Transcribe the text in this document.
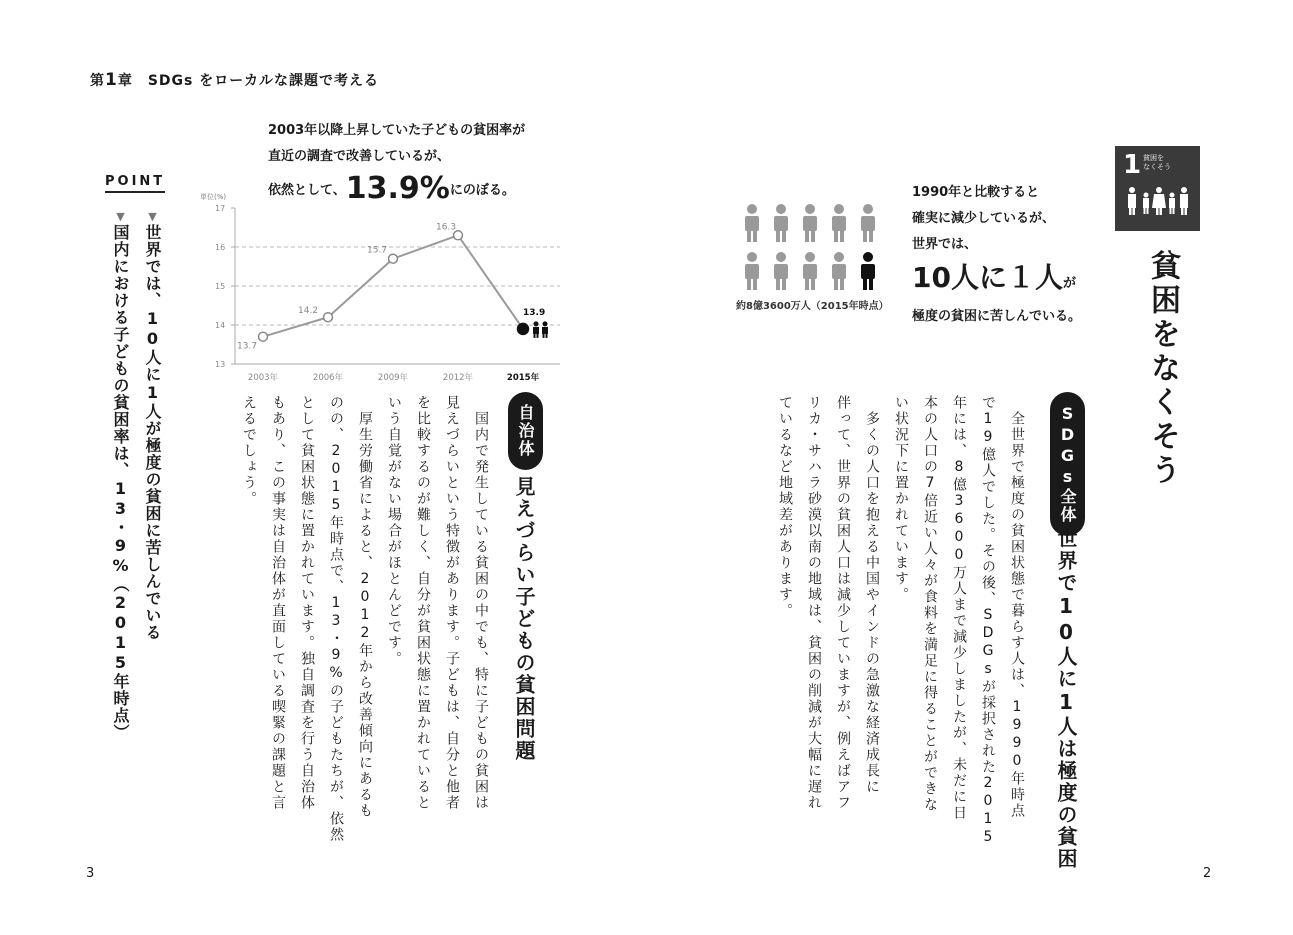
第1章　SDGs をローカルな課題で考える
POINT
▼世界では、10人に1人が極度の貧困に苦しんでいる
▼国内における子どもの貧困率は、13・9%（2015年時点）
2003年以降上昇していた子どもの貧困率が
直近の調査で改善しているが、
依然として、13.9%にのぼる。
単位(%)
13
14
15
16
17
13.7
2003年
14.2
2006年
15.7
2009年
16.3
2012年
13.9
2015年
自治体
見えづらい子どもの貧困問題
　国内で発生している貧困の中でも、特に子どもの貧困は
見えづらいという特徴があります。子どもは、自分と他者
を比較するのが難しく、自分が貧困状態に置かれていると
いう自覚がない場合がほとんどです。
　厚生労働省によると、2012年から改善傾向にあるも
のの、2015年時点で、13・9%の子どもたちが、依然
として貧困状態に置かれています。独自調査を行う自治体
もあり、この事実は自治体が直面している喫緊の課題と言
えるでしょう。
3
1 貧困を
なくそう
貧困をなくそう
約8億3600万人（2015年時点）
1990年と比較すると
確実に減少しているが、
世界では、
10人に１人が
極度の貧困に苦しんでいる。
SDGs全体
世界で10人に1人は極度の貧困
　全世界で極度の貧困状態で暮らす人は、1990年時点
で19億人でした。その後、SDGsが採択された2015
年には、8億3600万人まで減少しましたが、未だに日
本の人口の7倍近い人々が食料を満足に得ることができな
い状況下に置かれています。
　多くの人口を抱える中国やインドの急激な経済成長に
伴って、世界の貧困人口は減少していますが、例えばアフ
リカ・サハラ砂漠以南の地域は、貧困の削減が大幅に遅れ
ているなど地域差があります。
2
